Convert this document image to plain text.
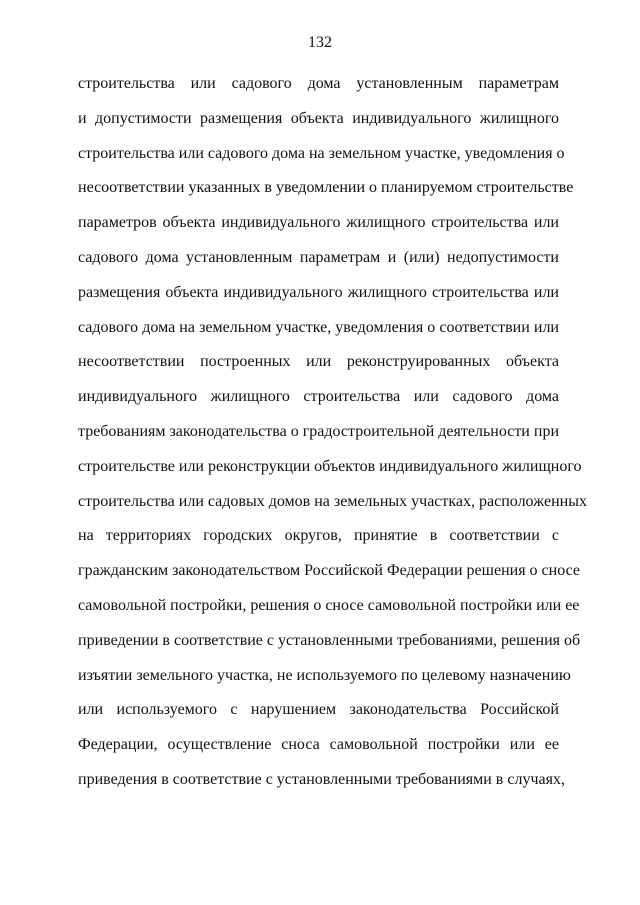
132
строительства или садового дома установленным параметрам
и допустимости размещения объекта индивидуального жилищного
строительства или садового дома на земельном участке, уведомления о
несоответствии указанных в уведомлении о планируемом строительстве
параметров объекта индивидуального жилищного строительства или
садового дома установленным параметрам и (или) недопустимости
размещения объекта индивидуального жилищного строительства или
садового дома на земельном участке, уведомления о соответствии или
несоответствии построенных или реконструированных объекта
индивидуального жилищного строительства или садового дома
требованиям законодательства о градостроительной деятельности при
строительстве или реконструкции объектов индивидуального жилищного
строительства или садовых домов на земельных участках, расположенных
на территориях городских округов, принятие в соответствии с
гражданским законодательством Российской Федерации решения о сносе
самовольной постройки, решения о сносе самовольной постройки или ее
приведении в соответствие с установленными требованиями, решения об
изъятии земельного участка, не используемого по целевому назначению
или используемого с нарушением законодательства Российской
Федерации, осуществление сноса самовольной постройки или ее
приведения в соответствие с установленными требованиями в случаях,
